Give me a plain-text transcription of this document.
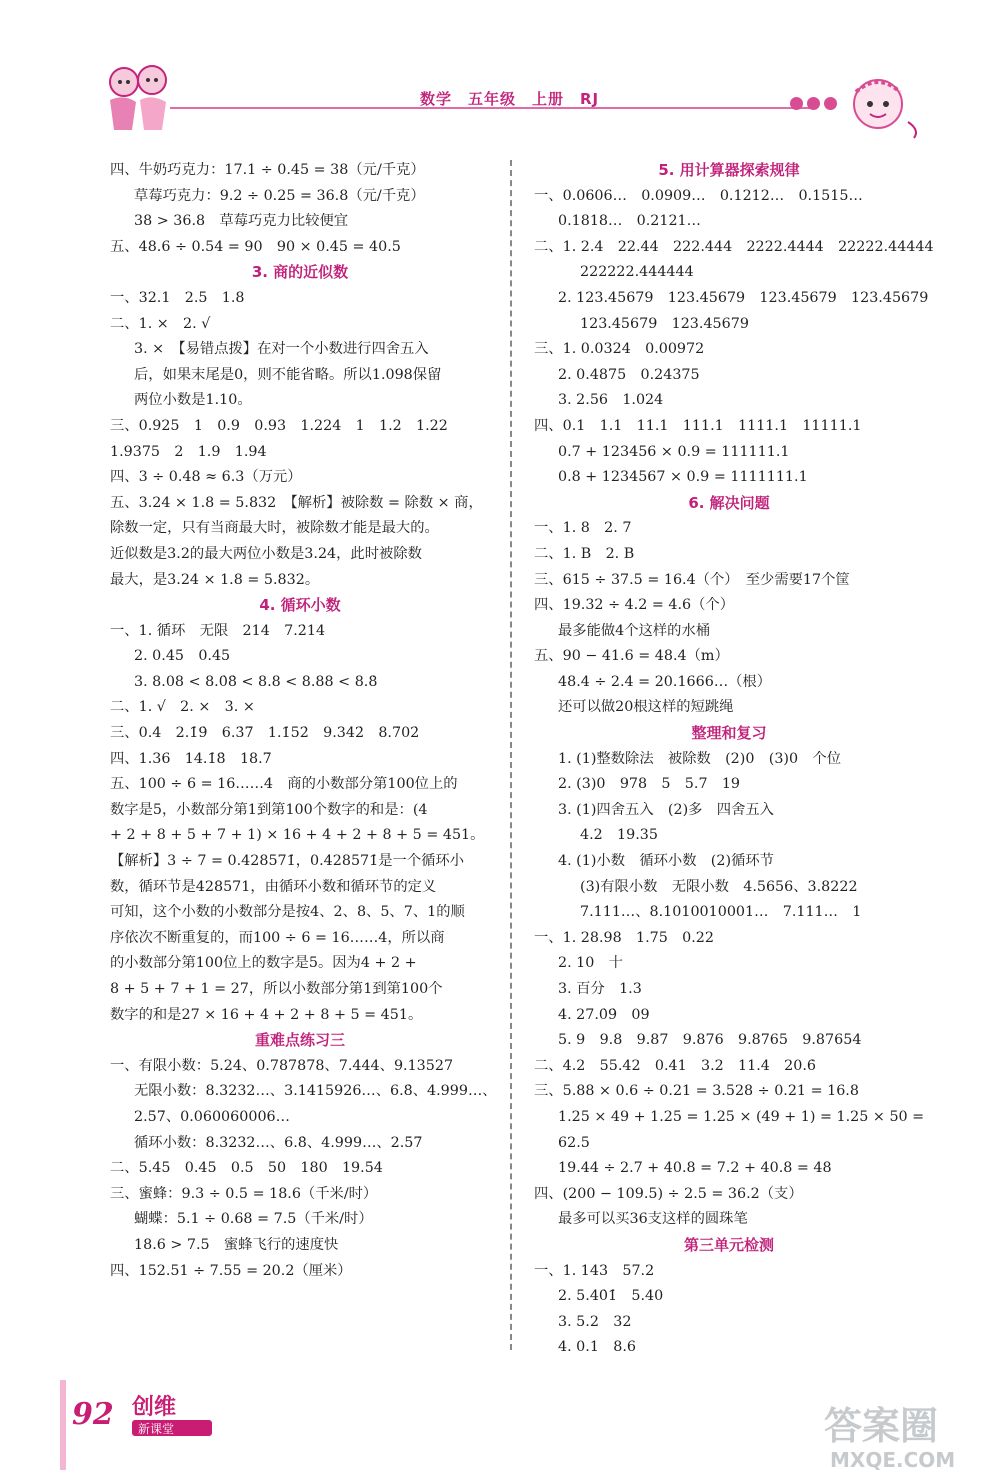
数学　五年级　上册　RJ
四、牛奶巧克力：17.1 ÷ 0.45 = 38（元/千克）
草莓巧克力：9.2 ÷ 0.25 = 36.8（元/千克）
38 > 36.8　草莓巧克力比较便宜
五、48.6 ÷ 0.54 = 90　90 × 0.45 = 40.5
3. 商的近似数
一、32.1　2.5　1.8
二、1. ×　2. √
3. ×　【易错点拨】在对一个小数进行四舍五入
后，如果末尾是0，则不能省略。所以1.098保留
两位小数是1.10。
三、0.925　1　0.9　0.93　1.224　1　1.2　1.22
1.9375　2　1.9　1.94
四、3 ÷ 0.48 ≈ 6.3（万元）
五、3.24 × 1.8 = 5.832　【解析】被除数 = 除数 × 商，
除数一定，只有当商最大时，被除数才能是最大的。
近似数是3.2的最大两位小数是3.24，此时被除数
最大，是3.24 × 1.8 = 5.832。
4. 循环小数
一、1. 循环　无限　214　7.2̇14̇
2. 0.4̇5̇　0.45
3. 8.08 < 8.0̇8̇ < 8.8 < 8.88 < 8.8̇
二、1. √　2. ×　3. ×
三、0.4̇　2.1̇9̇　6.3̇7̇　1.1̇52̇　9.34̇2̇　8.7̇02̇
四、1.36　14.1̇8̇　18.7̇
五、100 ÷ 6 = 16……4　商的小数部分第100位上的
数字是5，小数部分第1到第100个数字的和是：(4
+ 2 + 8 + 5 + 7 + 1) × 16 + 4 + 2 + 8 + 5 = 451。
【解析】3 ÷ 7 = 0.4̇28571̇，0.4̇28571̇是一个循环小
数，循环节是428571，由循环小数和循环节的定义
可知，这个小数的小数部分是按4、2、8、5、7、1的顺
序依次不断重复的，而100 ÷ 6 = 16……4，所以商
的小数部分第100位上的数字是5。因为4 + 2 +
8 + 5 + 7 + 1 = 27，所以小数部分第1到第100个
数字的和是27 × 16 + 4 + 2 + 8 + 5 = 451。
重难点练习三
一、有限小数：5.24、0.787878、7.444、9.13527
无限小数：8.3232…、3.1415926…、6.8̇、4.999…、
2.5̇7̇、0.060060006…
循环小数：8.3232…、6.8̇、4.999…、2.5̇7̇
二、5.45　0.45　0.5　50　180　19.5̇4̇
三、蜜蜂：9.3 ÷ 0.5 = 18.6（千米/时）
蝴蝶：5.1 ÷ 0.68 = 7.5（千米/时）
18.6 > 7.5　蜜蜂飞行的速度快
四、152.51 ÷ 7.55 = 20.2（厘米）
5. 用计算器探索规律
一、0.0606…　0.0909…　0.1212…　0.1515…
0.1818…　0.2121…
二、1. 2.4　22.44　222.444　2222.4444　22222.44444
222222.444444
2. 123.45679　123.45679　123.45679　123.45679
123.45679　123.45679
三、1. 0.0324　0.00972
2. 0.4875　0.24375
3. 2.56　1.024
四、0.1　1.1　11.1　111.1　1111.1　11111.1
0.7 + 123456 × 0.9 = 111111.1
0.8 + 1234567 × 0.9 = 1111111.1
6. 解决问题
一、1. 8　2. 7
二、1. B　2. B
三、615 ÷ 37.5 = 16.4（个）　至少需要17个筐
四、19.32 ÷ 4.2 = 4.6（个）
最多能做4个这样的水桶
五、90 − 41.6 = 48.4（m）
48.4 ÷ 2.4 = 20.1666…（根）
还可以做20根这样的短跳绳
整理和复习
1. (1)整数除法　被除数　(2)0　(3)0　个位
2. (3)0　978　5　5.7　19
3. (1)四舍五入　(2)多　四舍五入
4.2　19.35
4. (1)小数　循环小数　(2)循环节
(3)有限小数　无限小数　4.5656、3.8222
7.111…、8.1010010001…　7.111…　1
一、1. 28.98　1.75　0.22
2. 10　十
3. 百分　1.3
4. 27.0̇9̇　09
5. 9　9.8　9.87　9.876　9.8765　9.87654
二、4.2　55.42　0.41　3.2　11.4　20.6̇
三、5.88 × 0.6 ÷ 0.21 = 3.528 ÷ 0.21 = 16.8
1.25 × 49 + 1.25 = 1.25 × (49 + 1) = 1.25 × 50 =
62.5
19.44 ÷ 2.7 + 40.8 = 7.2 + 40.8 = 48
四、(200 − 109.5) ÷ 2.5 = 36.2（支）
最多可以买36支这样的圆珠笔
第三单元检测
一、1. 143　57.2
2. 5.40̇1̇　5.40
3. 5.2　32
4. 0.1　8.6
92 创维
新课堂	答案圈
MXQE.COM
